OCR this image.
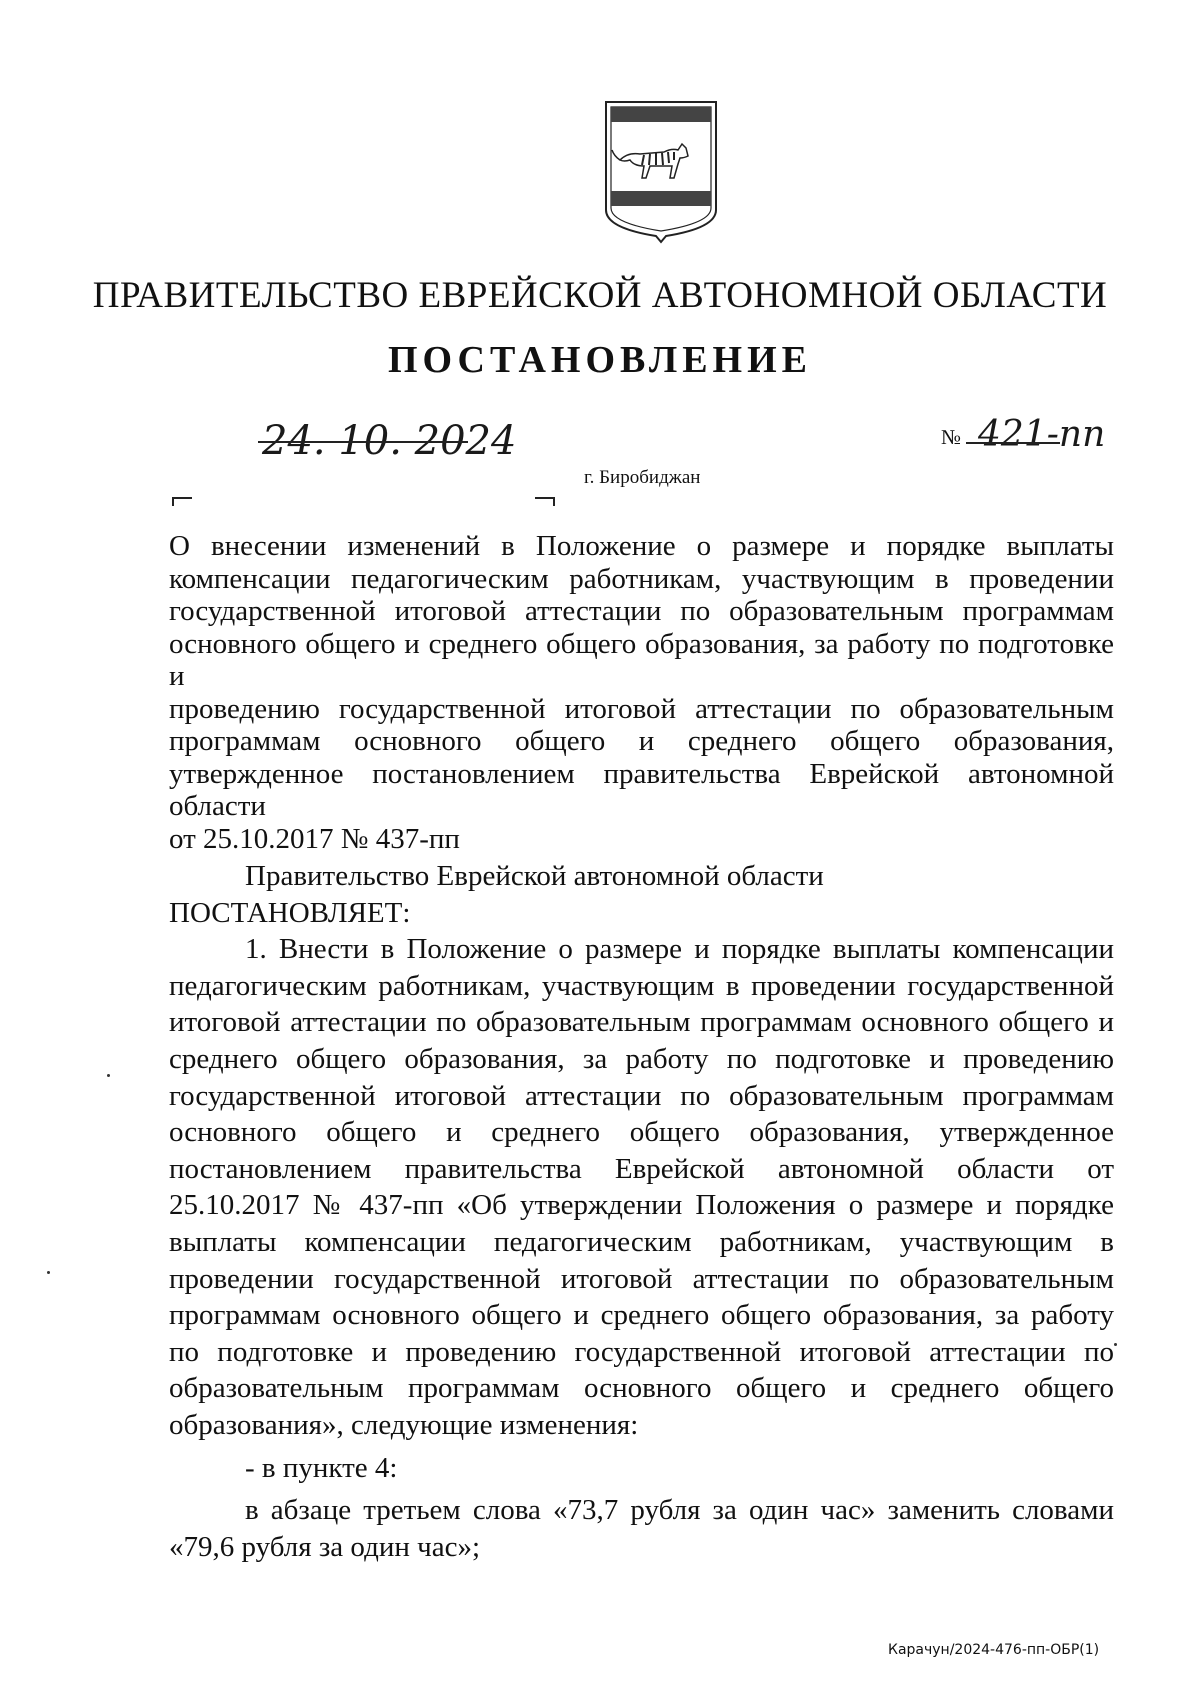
ПРАВИТЕЛЬСТВО ЕВРЕЙСКОЙ АВТОНОМНОЙ ОБЛАСТИ
ПОСТАНОВЛЕНИЕ
24. 10. 2024	№ 421-пп
г. Биробиджан
О внесении изменений в Положение о размере и порядке выплаты
компенсации педагогическим работникам, участвующим в проведении
государственной итоговой аттестации по образовательным программам
основного общего и среднего общего образования, за работу по подготовке и
проведению государственной итоговой аттестации по образовательным
программам основного общего и среднего общего образования,
утвержденное постановлением правительства Еврейской автономной области
от 25.10.2017 № 437-пп

Правительство Еврейской автономной области

ПОСТАНОВЛЯЕТ:

1. Внести в Положение о размере и порядке выплаты компенсации педагогическим работникам, участвующим в проведении государственной итоговой аттестации по образовательным программам основного общего и среднего общего образования, за работу по подготовке и проведению государственной итоговой аттестации по образовательным программам основного общего и среднего общего образования, утвержденное постановлением правительства Еврейской автономной области от 25.10.2017 № 437-пп «Об утверждении Положения о размере и порядке выплаты компенсации педагогическим работникам, участвующим в проведении государственной итоговой аттестации по образовательным программам основного общего и среднего общего образования, за работу по подготовке и проведению государственной итоговой аттестации по образовательным программам основного общего и среднего общего образования», следующие изменения:

- в пункте 4:

в абзаце третьем слова «73,7 рубля за один час» заменить словами «79,6 рубля за один час»;

Карачун/2024-476-пп-ОБР(1)
